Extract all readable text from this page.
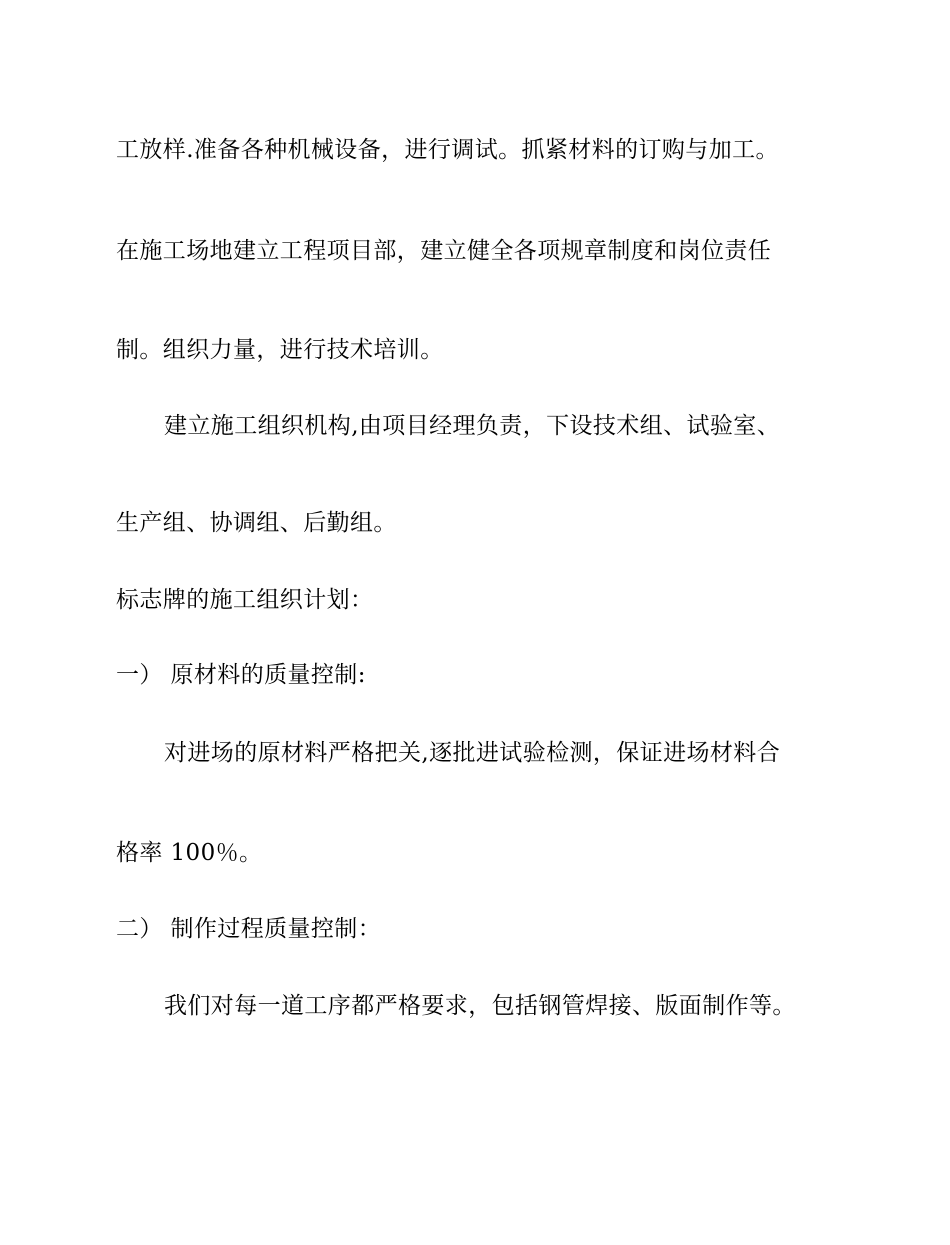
工放样.准备各种机械设备，进行调试。抓紧材料的订购与加工。
在施工场地建立工程项目部，建立健全各项规章制度和岗位责任
制。组织力量，进行技术培训。
建立施工组织机构,由项目经理负责，下设技术组、试验室、
生产组、协调组、后勤组。
标志牌的施工组织计划：
一） 原材料的质量控制:
对进场的原材料严格把关,逐批进试验检测，保证进场材料合
格率 100％。
二） 制作过程质量控制：
我们对每一道工序都严格要求，包括钢管焊接、版面制作等。
